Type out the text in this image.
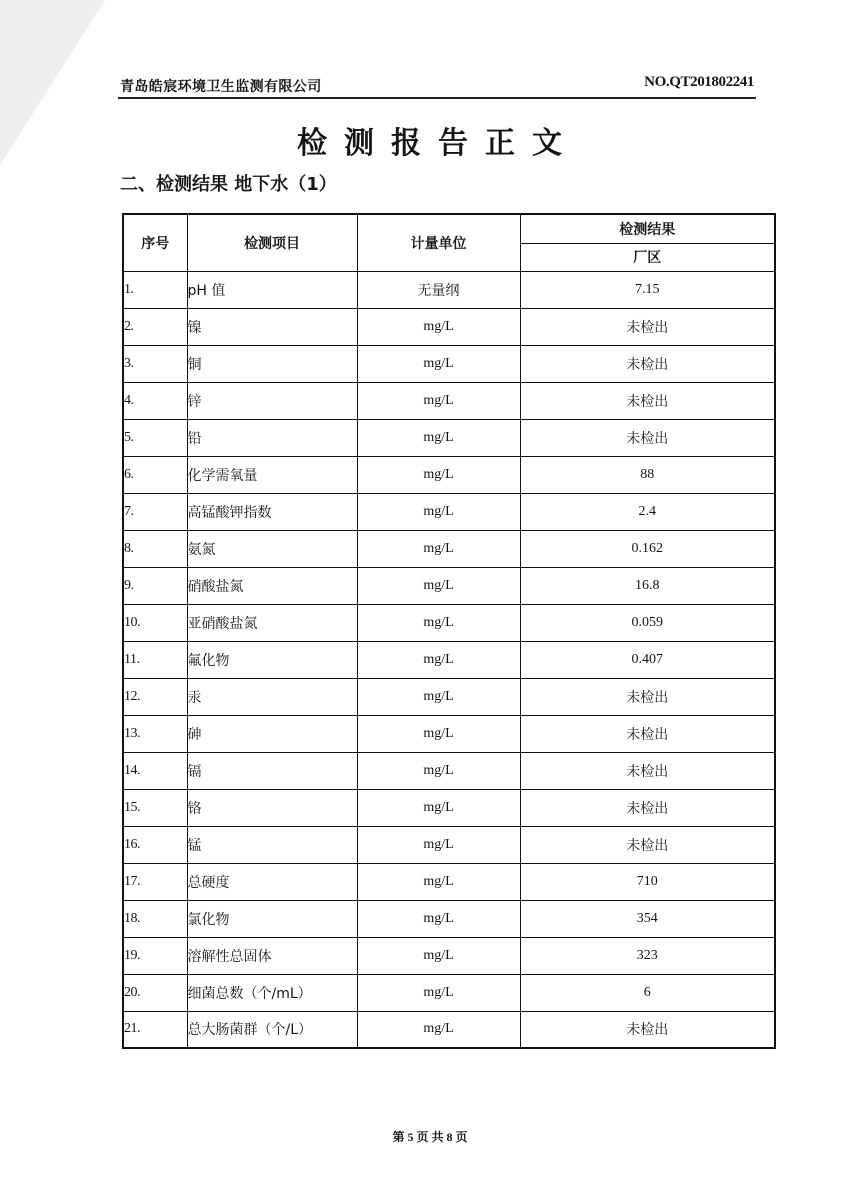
青岛皓宸环境卫生监测有限公司	NO.QT201802241
检测报告正文
二、检测结果 地下水（1）
序号	检测项目	计量单位	检测结果
			厂区
1.	pH 值	无量纲	7.15
2.	镍	mg/L	未检出
3.	铜	mg/L	未检出
4.	锌	mg/L	未检出
5.	铅	mg/L	未检出
6.	化学需氧量	mg/L	88
7.	高锰酸钾指数	mg/L	2.4
8.	氨氮	mg/L	0.162
9.	硝酸盐氮	mg/L	16.8
10.	亚硝酸盐氮	mg/L	0.059
11.	氟化物	mg/L	0.407
12.	汞	mg/L	未检出
13.	砷	mg/L	未检出
14.	镉	mg/L	未检出
15.	铬	mg/L	未检出
16.	锰	mg/L	未检出
17.	总硬度	mg/L	710
18.	氯化物	mg/L	354
19.	溶解性总固体	mg/L	323
20.	细菌总数（个/mL）	mg/L	6
21.	总大肠菌群（个/L）	mg/L	未检出
第 5 页 共 8 页
